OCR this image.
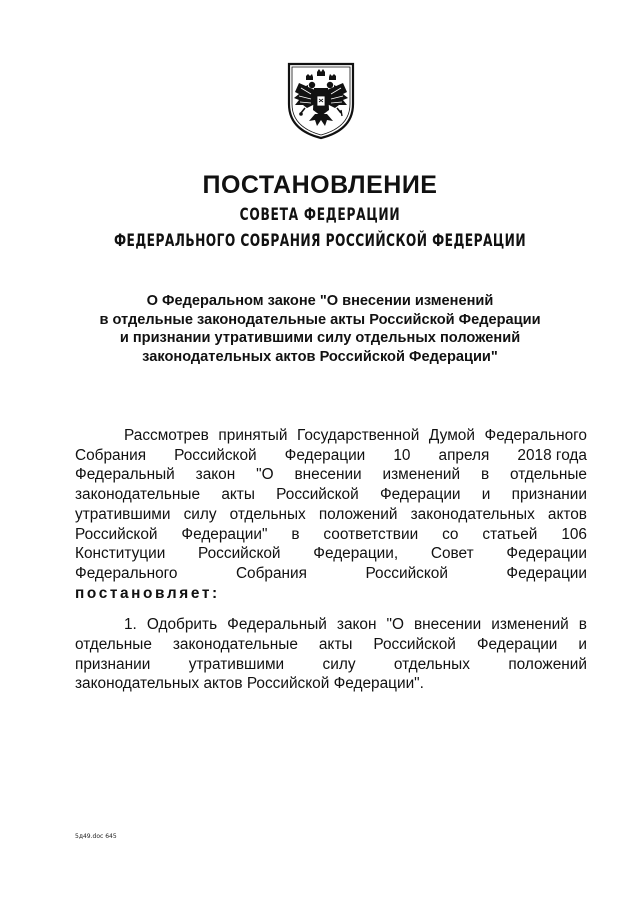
ПОСТАНОВЛЕНИЕ
СОВЕТА ФЕДЕРАЦИИ
ФЕДЕРАЛЬНОГО СОБРАНИЯ РОССИЙСКОЙ ФЕДЕРАЦИИ
О Федеральном законе "О внесении изменений
в отдельные законодательные акты Российской Федерации
и признании утратившими силу отдельных положений
законодательных актов Российской Федерации"
Рассмотрев принятый Государственной Думой Федерального
Собрания Российской Федерации 10 апреля 2018 года
Федеральный закон "О внесении изменений в отдельные
законодательные акты Российской Федерации и признании
утратившими силу отдельных положений законодательных актов
Российской Федерации" в соответствии со статьей 106
Конституции Российской Федерации, Совет Федерации
Федерального	Собрания	Российской	Федерации
постановляет:
1. Одобрить Федеральный закон "О внесении изменений в
отдельные законодательные акты Российской Федерации и
признании утратившими силу отдельных положений
законодательных актов Российской Федерации".
5д49.doc 645
